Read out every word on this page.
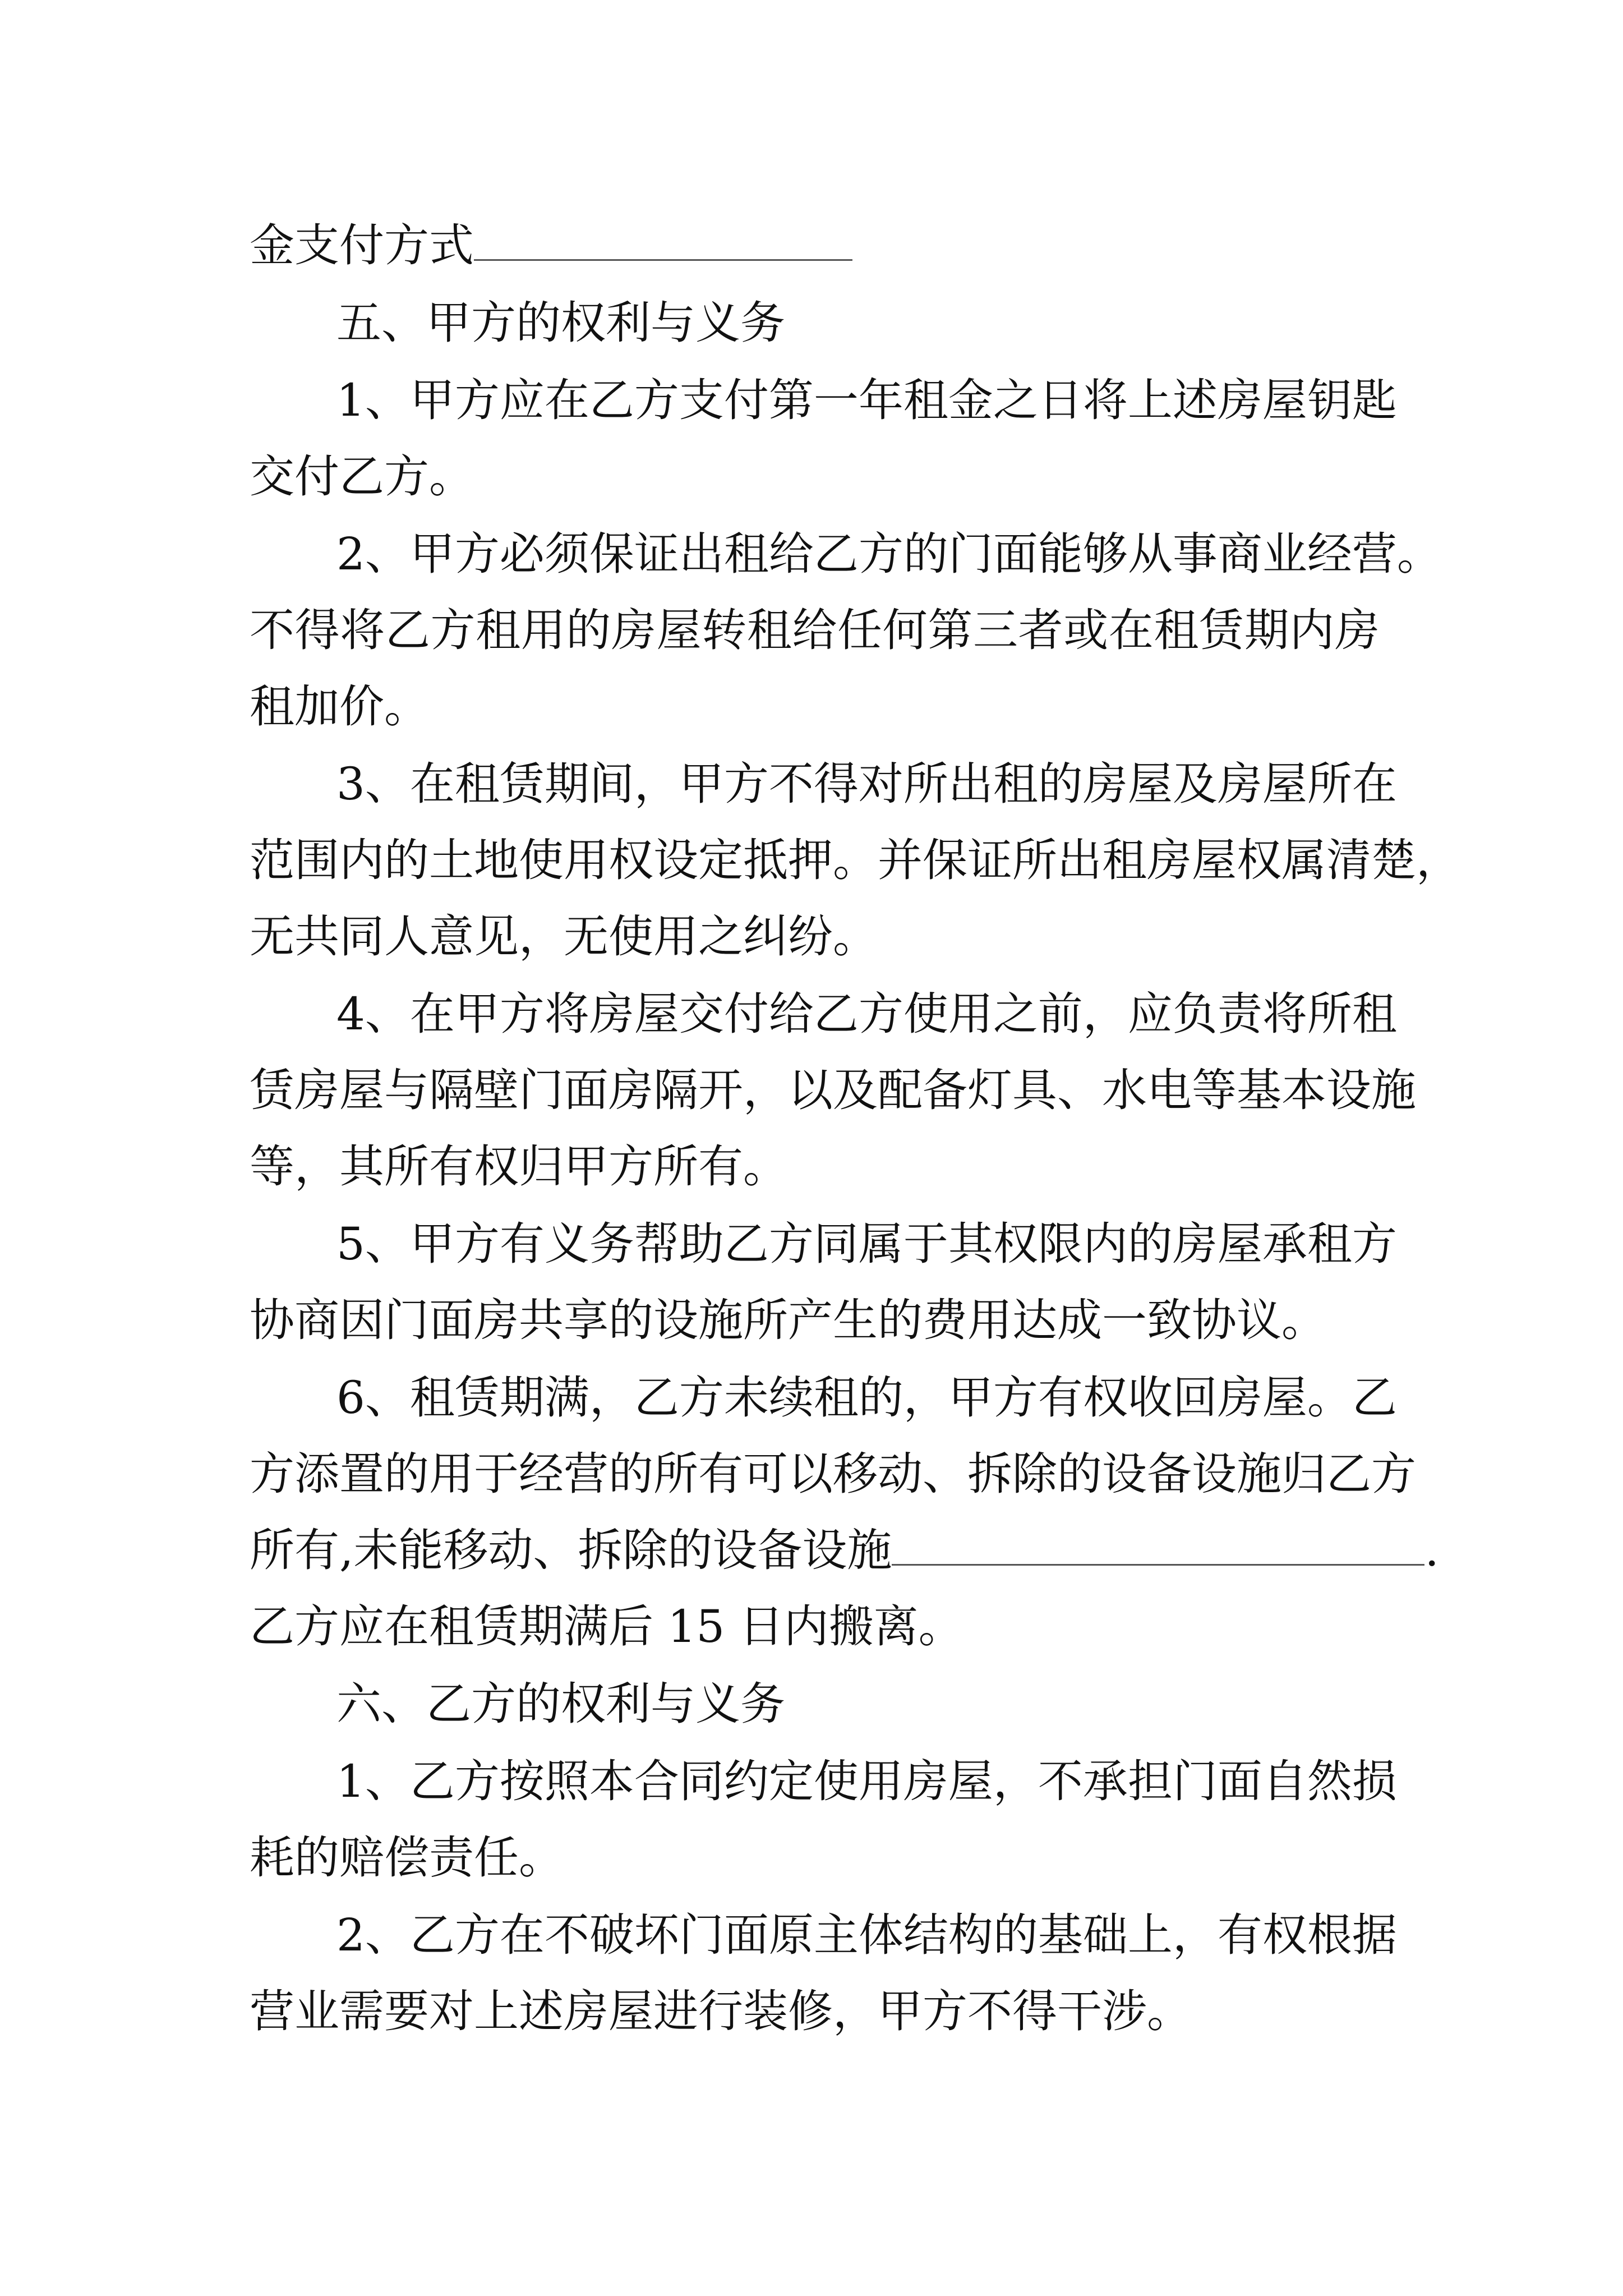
金支付方式
五、甲方的权利与义务
1、甲方应在乙方支付第一年租金之日将上述房屋钥匙
交付乙方。
2、甲方必须保证出租给乙方的门面能够从事商业经营。
不得将乙方租用的房屋转租给任何第三者或在租赁期内房
租加价。
3、在租赁期间，甲方不得对所出租的房屋及房屋所在
范围内的土地使用权设定抵押。并保证所出租房屋权属清楚，
无共同人意见，无使用之纠纷。
4、在甲方将房屋交付给乙方使用之前，应负责将所租
赁房屋与隔壁门面房隔开，以及配备灯具、水电等基本设施
等，其所有权归甲方所有。
5、甲方有义务帮助乙方同属于其权限内的房屋承租方
协商因门面房共享的设施所产生的费用达成一致协议。
6、租赁期满，乙方未续租的，甲方有权收回房屋。乙
方添置的用于经营的所有可以移动、拆除的设备设施归乙方
所有,未能移动、拆除的设备设施	.
乙方应在租赁期满后 15 日内搬离。
六、乙方的权利与义务
1、乙方按照本合同约定使用房屋，不承担门面自然损
耗的赔偿责任。
2、乙方在不破坏门面原主体结构的基础上，有权根据
营业需要对上述房屋进行装修，甲方不得干涉。
